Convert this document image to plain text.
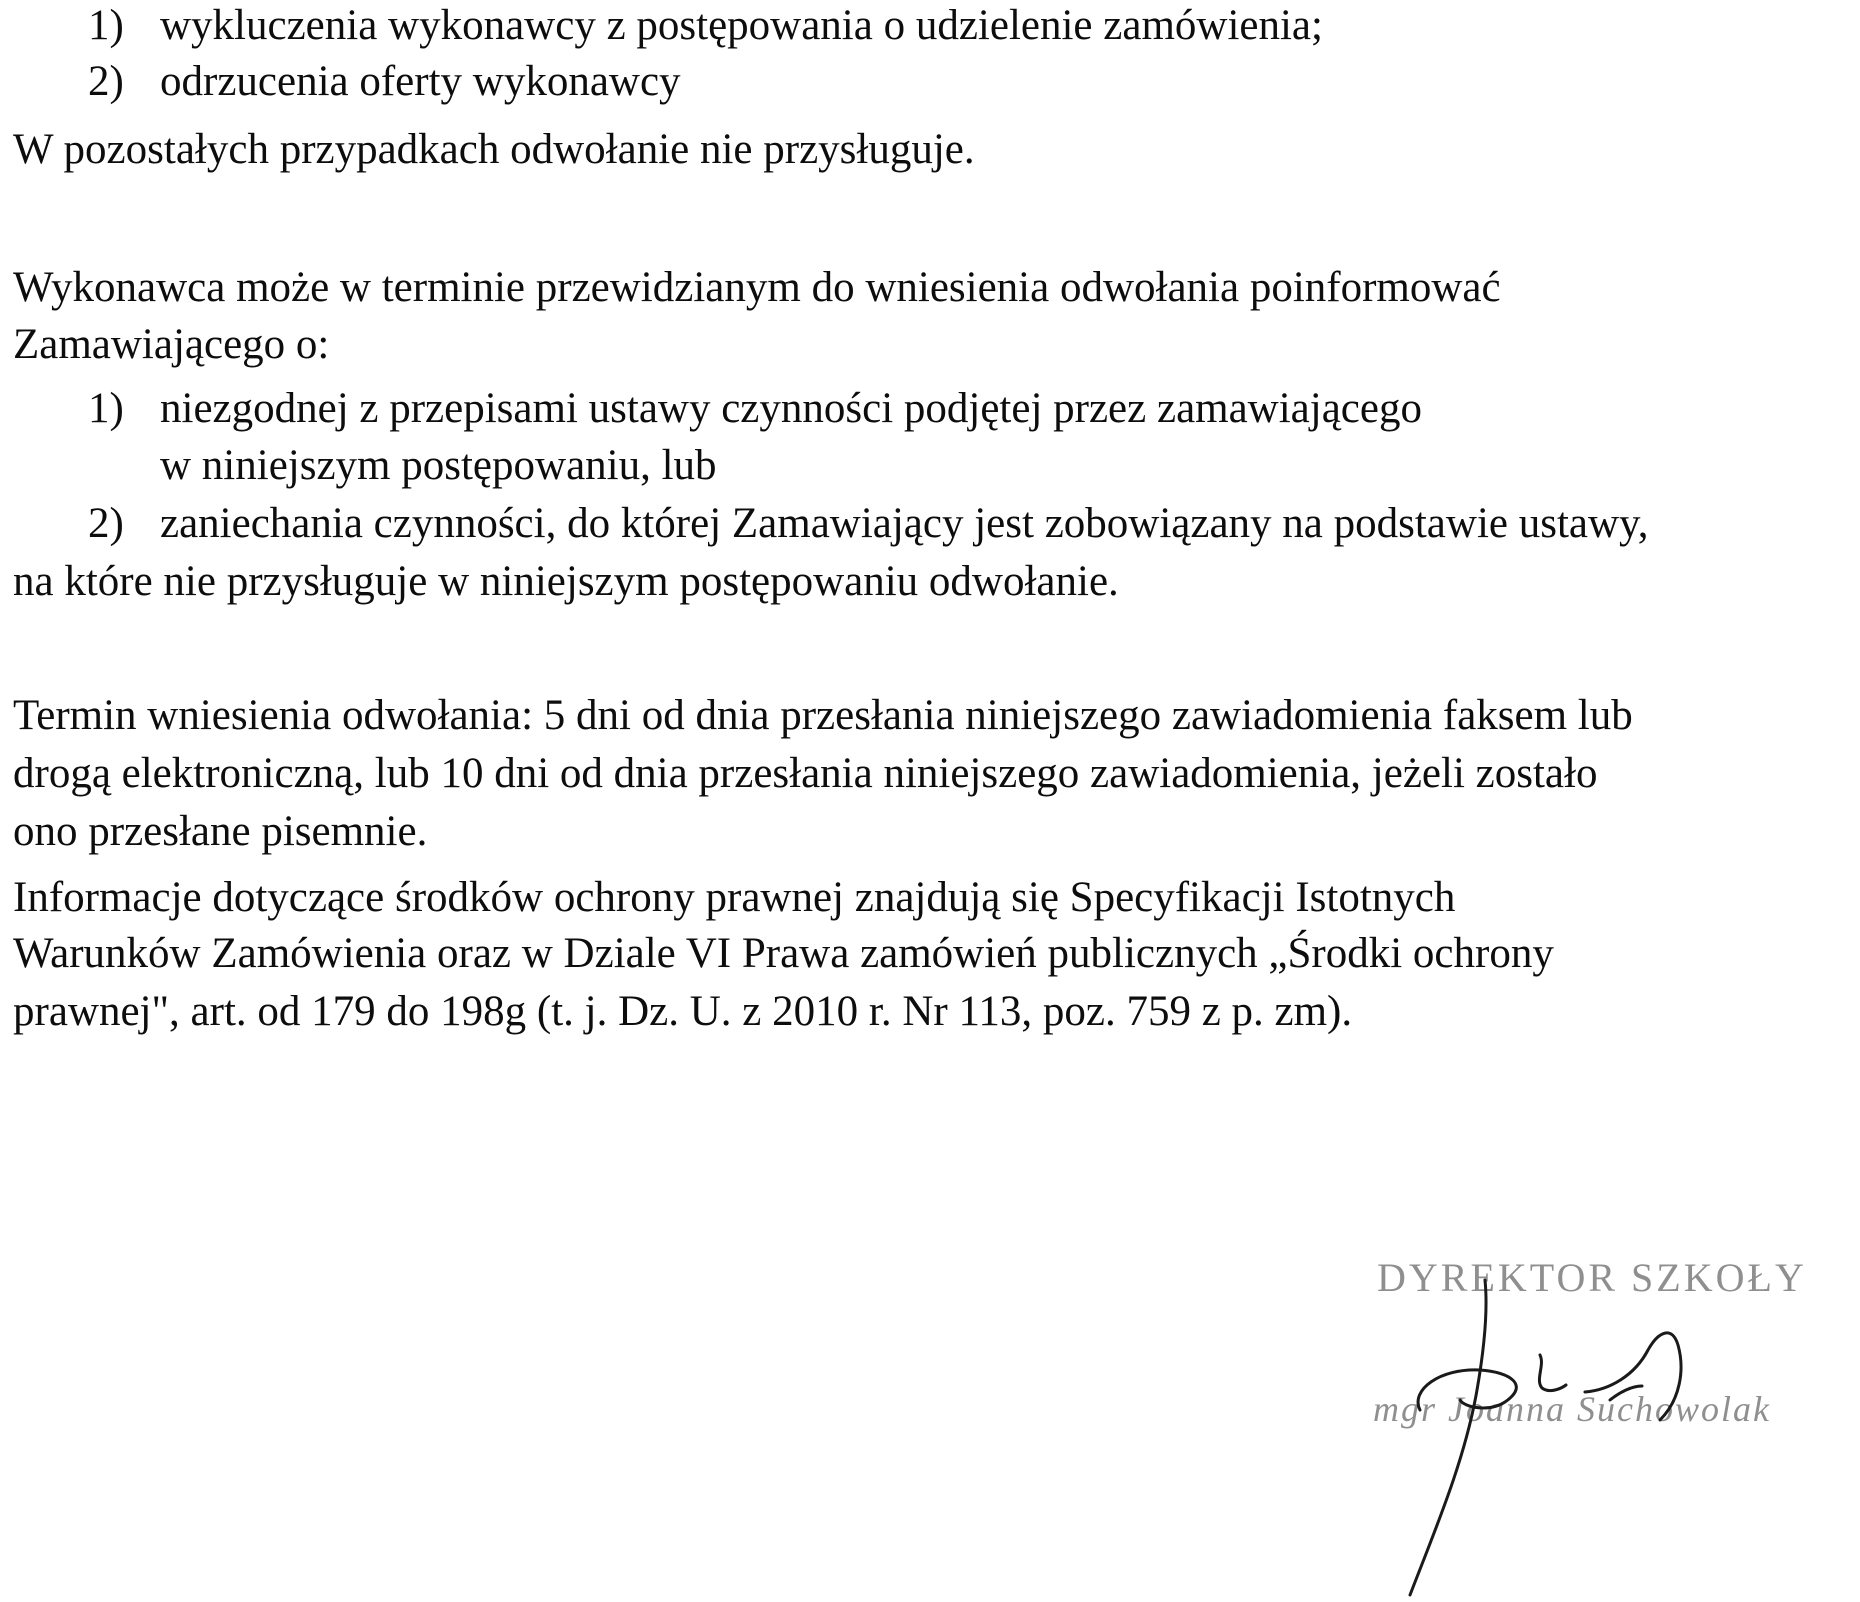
1) wykluczenia wykonawcy z postępowania o udzielenie zamówienia;

2) odrzucenia oferty wykonawcy

W pozostałych przypadkach odwołanie nie przysługuje.

Wykonawca może w terminie przewidzianym do wniesienia odwołania poinformować

Zamawiającego o:

1) niezgodnej z przepisami ustawy czynności podjętej przez zamawiającego

w niniejszym postępowaniu, lub

2) zaniechania czynności, do której Zamawiający jest zobowiązany na podstawie ustawy,

na które nie przysługuje w niniejszym postępowaniu odwołanie.

Termin wniesienia odwołania: 5 dni od dnia przesłania niniejszego zawiadomienia faksem lub

drogą elektroniczną, lub 10 dni od dnia przesłania niniejszego zawiadomienia, jeżeli zostało

ono przesłane pisemnie.

Informacje dotyczące środków ochrony prawnej znajdują się Specyfikacji Istotnych

Warunków Zamówienia oraz w Dziale VI Prawa zamówień publicznych „Środki ochrony

prawnej", art. od 179 do 198g (t. j. Dz. U. z 2010 r. Nr 113, poz. 759 z p. zm).

DYREKTOR SZKOŁY
mgr Joanna Suchowolak
